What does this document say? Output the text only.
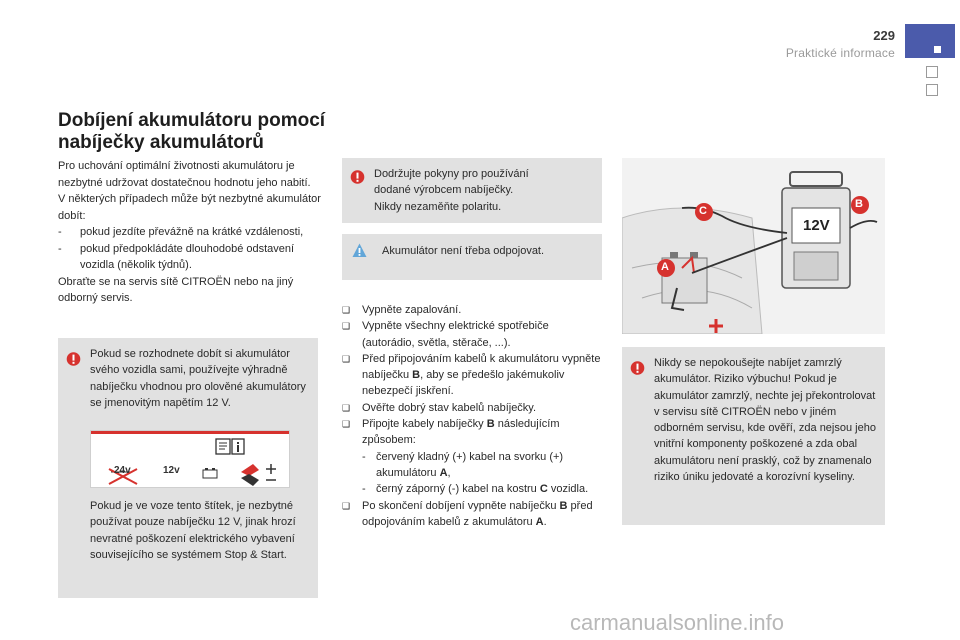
229
Praktické informace
Dobíjení akumulátoru pomocí nabíječky akumulátorů

Pro uchování optimální životnosti akumulátoru je nezbytné udržovat dostatečnou hodnotu jeho nabití.

V některých případech může být nezbytné akumulátor dobít:

-	pokud jezdíte převážně na krátké vzdálenosti,
-	pokud předpokládáte dlouhodobé odstavení vozidla (několik týdnů).

Obraťte se na servis sítě CITROËN nebo na jiný odborný servis.

Pokud se rozhodnete dobít si akumulátor svého vozidla sami, používejte výhradně nabíječku vhodnou pro olověné akumulátory se jmenovitým napětím 12 V.
Pokud je ve voze tento štítek, je nezbytné používat pouze nabíječku 12 V, jinak hrozí nevratné poškození elektrického vybavení souvisejícího se systémem Stop & Start.
24v	12v
Dodržujte pokyny pro používání
dodané výrobcem nabíječky.
Nikdy nezaměňte polaritu.
Akumulátor není třeba odpojovat.
❑	Vypněte zapalování.
❑	Vypněte všechny elektrické spotřebiče (autorádio, světla, stěrače, ...).
❑	Před připojováním kabelů k akumulátoru vypněte nabíječku B, aby se předešlo jakémukoliv nebezpečí jiskření.
❑	Ověřte dobrý stav kabelů nabíječky.
❑	Připojte kabely nabíječky B následujícím způsobem:
- červený kladný (+) kabel na svorku (+) akumulátoru A,
- černý záporný (-) kabel na kostru C vozidla.
❑	Po skončení dobíjení vypněte nabíječku B před odpojováním kabelů z akumulátoru A.
C
B
A
12V
Nikdy se nepokoušejte nabíjet zamrzlý akumulátor. Riziko výbuchu! Pokud je akumulátor zamrzlý, nechte jej překontrolovat v servisu sítě CITROËN nebo v jiném odborném servisu, kde ověří, zda nejsou jeho vnitřní komponenty poškozené a zda obal akumulátoru není prasklý, což by znamenalo riziko úniku jedovaté a korozívní kyseliny.
carmanualsonline.info
